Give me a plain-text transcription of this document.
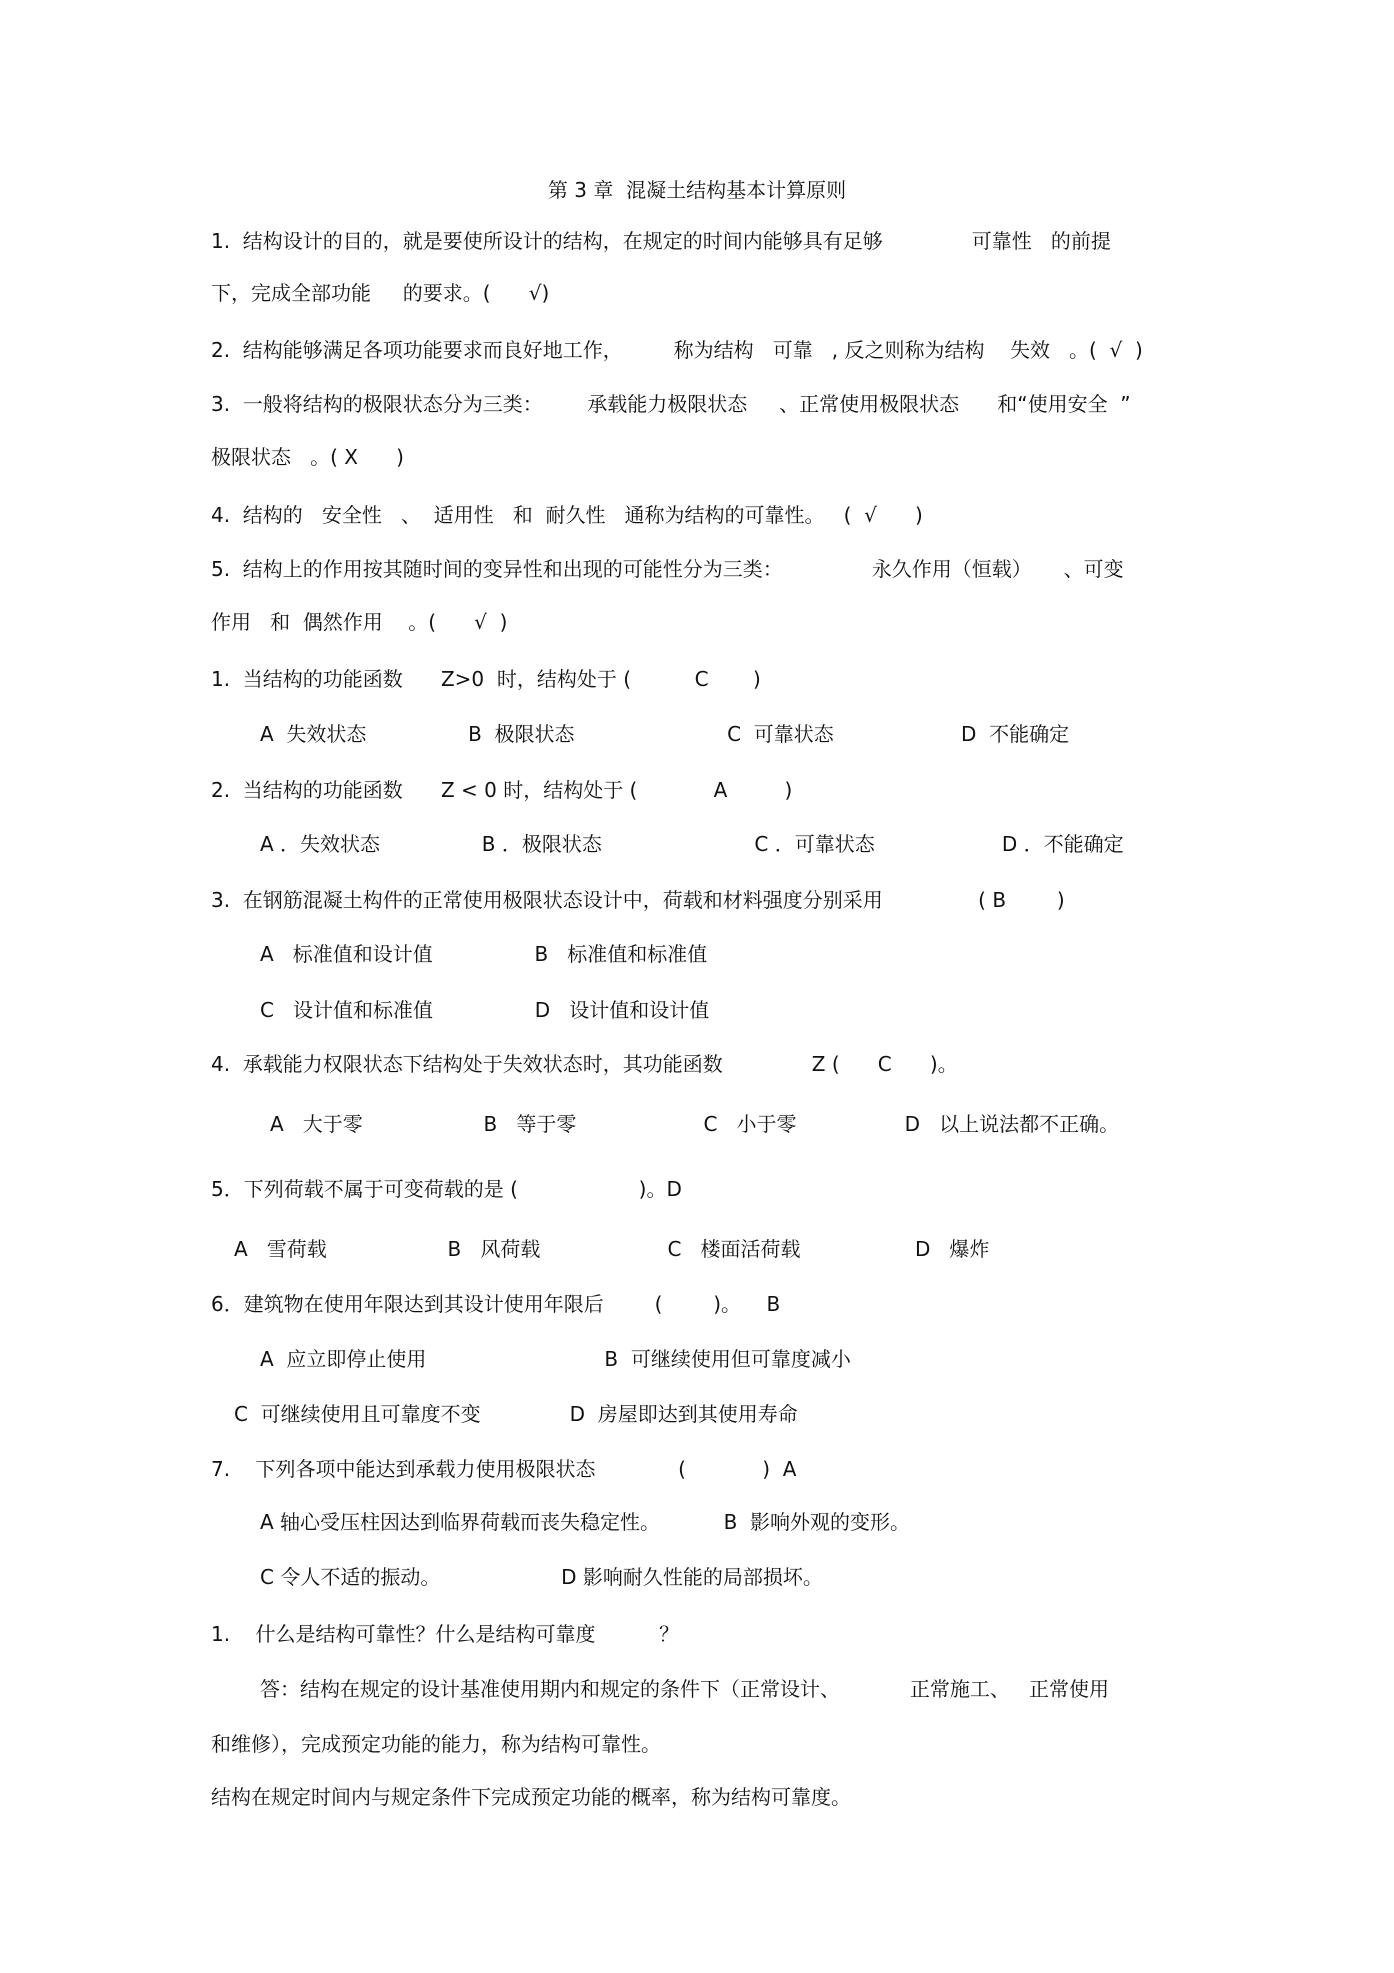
第 3 章  混凝土结构基本计算原则
1.  结构设计的目的，就是要使所设计的结构，在规定的时间内能够具有足够              可靠性   的前提
下，完成全部功能     的要求。(      √)
2.  结构能够满足各项功能要求而良好地工作，        称为结构   可靠   , 反之则称为结构    失效   。(  √  )
3.  一般将结构的极限状态分为三类：       承载能力极限状态     、正常使用极限状态      和“使用安全  ”
极限状态   。( X      )
4.  结构的   安全性   、  适用性   和  耐久性   通称为结构的可靠性。   (  √      )
5.  结构上的作用按其随时间的变异性和出现的可能性分为三类：              永久作用（恒载）     、可变
作用   和  偶然作用    。(      √  )
1.  当结构的功能函数      Z>0  时，结构处于 (          C       )
A  失效状态                B  极限状态                        C  可靠状态                    D  不能确定
2.  当结构的功能函数      Z < 0 时，结构处于 (            A         )
A ．失效状态                B ．极限状态                        C ．可靠状态                    D ．不能确定
3.  在钢筋混凝土构件的正常使用极限状态设计中，荷载和材料强度分别采用               ( B        )
A   标准值和设计值                B   标准值和标准值
C   设计值和标准值                D   设计值和设计值
4.  承载能力权限状态下结构处于失效状态时，其功能函数              Z (      C      )。
A   大于零                   B   等于零                    C   小于零                 D   以上说法都不正确。
5．下列荷载不属于可变荷载的是 (                   )。D
A   雪荷载                   B   风荷载                    C   楼面活荷载                  D   爆炸
6．建筑物在使用年限达到其设计使用年限后        (        )。    B
A  应立即停止使用                            B  可继续使用但可靠度减小
C  可继续使用且可靠度不变              D  房屋即达到其使用寿命
7.    下列各项中能达到承载力使用极限状态             (            )  A
A 轴心受压柱因达到临界荷载而丧失稳定性。          B  影响外观的变形。
C 令人不适的振动。                   D 影响耐久性能的局部损坏。
1.    什么是结构可靠性？什么是结构可靠度          ？
答：结构在规定的设计基准使用期内和规定的条件下（正常设计、           正常施工、   正常使用
和维修），完成预定功能的能力，称为结构可靠性。
结构在规定时间内与规定条件下完成预定功能的概率，称为结构可靠度。
